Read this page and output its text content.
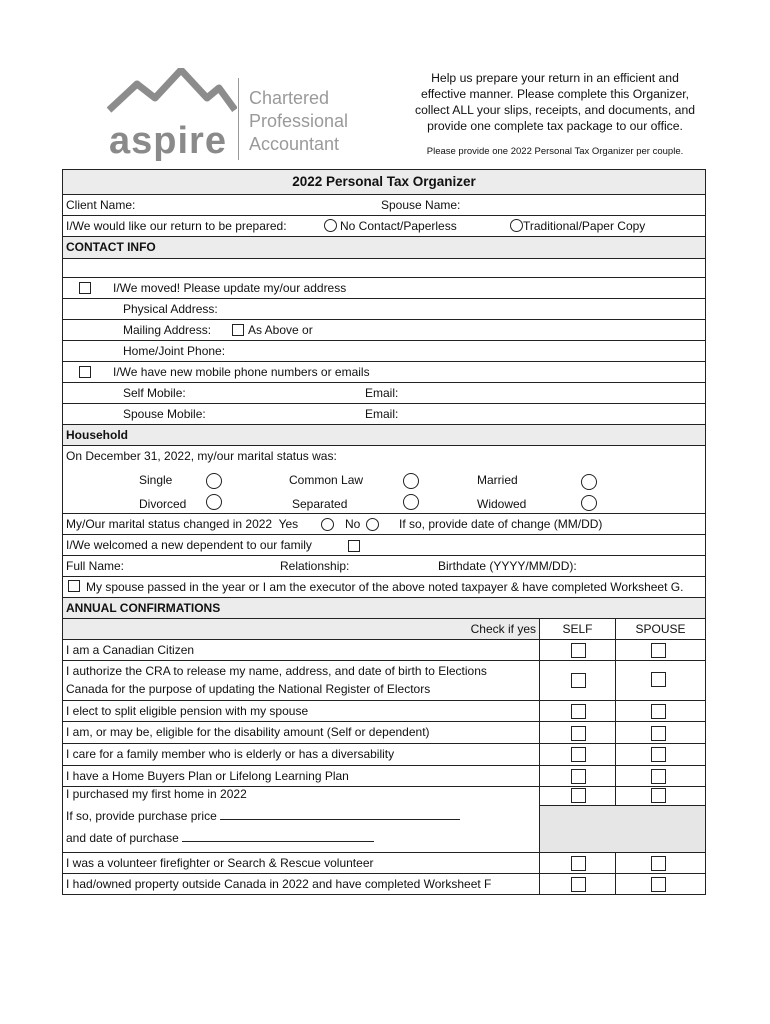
aspire
Chartered
Professional
Accountant
Help us prepare your return in an efficient and
effective manner. Please complete this Organizer,
collect ALL your slips, receipts, and documents, and
provide one complete tax package to our office.
Please provide one 2022 Personal Tax Organizer per couple.
2022 Personal Tax Organizer
Client Name:	Spouse Name:
I/We would like our return to be prepared:	No Contact/Paperless	Traditional/Paper Copy
CONTACT INFO
I/We moved! Please update my/our address
Physical Address:
Mailing Address:	As Above or
Home/Joint Phone:
I/We have new mobile phone numbers or emails
Self Mobile:	Email:
Spouse Mobile:	Email:
Household
On December 31, 2022, my/our marital status was:
Single	Common Law	Married
Divorced	Separated	Widowed
My/Our marital status changed in 2022 Yes	No	If so, provide date of change (MM/DD)
I/We welcomed a new dependent to our family
Full Name:	Relationship:	Birthdate (YYYY/MM/DD):
My spouse passed in the year or I am the executor of the above noted taxpayer & have completed Worksheet G.
ANNUAL CONFIRMATIONS
Check if yes	SELF	SPOUSE
I am a Canadian Citizen
I authorize the CRA to release my name, address, and date of birth to Elections
Canada for the purpose of updating the National Register of Electors
I elect to split eligible pension with my spouse
I am, or may be, eligible for the disability amount (Self or dependent)
I care for a family member who is elderly or has a diversability
I have a Home Buyers Plan or Lifelong Learning Plan
I purchased my first home in 2022
If so, provide purchase price
and date of purchase
I was a volunteer firefighter or Search & Rescue volunteer
I had/owned property outside Canada in 2022 and have completed Worksheet F
